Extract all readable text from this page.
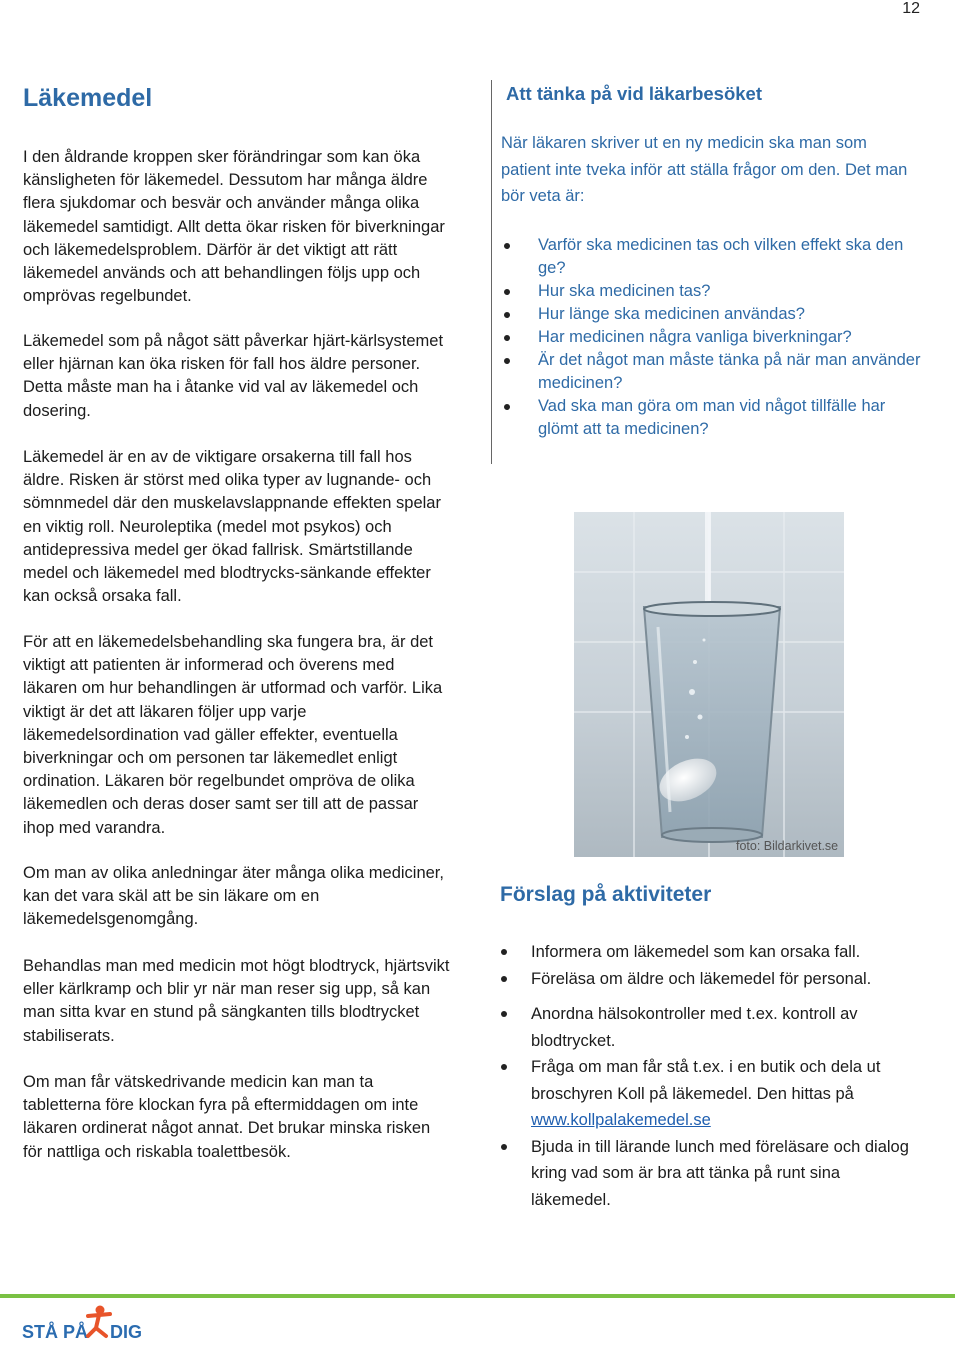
12
Läkemedel

I den åldrande kroppen sker förändringar som kan öka känsligheten för läkemedel. Dessutom har många äldre flera sjukdomar och besvär och använder många olika läkemedel samtidigt. Allt detta ökar risken för biverkningar och läkemedelsproblem. Därför är det viktigt att rätt läkemedel används och att behandlingen följs upp och omprövas regelbundet.

Läkemedel som på något sätt påverkar hjärt-kärlsystemet eller hjärnan kan öka risken för fall hos äldre personer. Detta måste man ha i åtanke vid val av läkemedel och dosering.

Läkemedel är en av de viktigare orsakerna till fall hos äldre. Risken är störst med olika typer av lugnande- och sömnmedel där den muskelavslappnande effekten spelar en viktig roll. Neuroleptika (medel mot psykos) och antidepressiva medel ger ökad fallrisk. Smärtstillande medel och läkemedel med blodtrycks-sänkande effekter kan också orsaka fall.

För att en läkemedelsbehandling ska fungera bra, är det viktigt att patienten är informerad och överens med läkaren om hur behandlingen är utformad och varför. Lika viktigt är det att läkaren följer upp varje läkemedelsordination vad gäller effekter, eventuella biverkningar och om personen tar läkemedlet enligt ordination. Läkaren bör regelbundet ompröva de olika läkemedlen och deras doser samt ser till att de passar ihop med varandra.

Om man av olika anledningar äter många olika mediciner, kan det vara skäl att be sin läkare om en läkemedelsgenomgång.

Behandlas man med medicin mot högt blodtryck, hjärtsvikt eller kärlkramp och blir yr när man reser sig upp, så kan man sitta kvar en stund på sängkanten tills blodtrycket stabiliserats.

Om man får vätskedrivande medicin kan man ta tabletterna före klockan fyra på eftermiddagen om inte läkaren ordinerat något annat. Det brukar minska risken för nattliga och riskabla toalettbesök.

Att tänka på vid läkarbesöket

När läkaren skriver ut en ny medicin ska man som patient inte tveka inför att ställa frågor om den. Det man bör veta är:

Varför ska medicinen tas och vilken effekt ska den ge?
Hur ska medicinen tas?
Hur länge ska medicinen användas?
Har medicinen några vanliga biverkningar?
Är det något man måste tänka på när man använder medicinen?
Vad ska man göra om man vid något tillfälle har glömt att ta medicinen?
foto: Bildarkivet.se
Förslag på aktiviteter
Informera om läkemedel som kan orsaka fall.
Föreläsa om äldre och läkemedel för personal.
Anordna hälsokontroller med t.ex. kontroll av blodtrycket.
Fråga om man får stå t.ex. i en butik och dela ut broschyren Koll på läkemedel. Den hittas på
www.kollpalakemedel.se
Bjuda in till lärande lunch med föreläsare och dialog kring vad som är bra att tänka på runt sina läkemedel.
STÅ PÅ DIG
